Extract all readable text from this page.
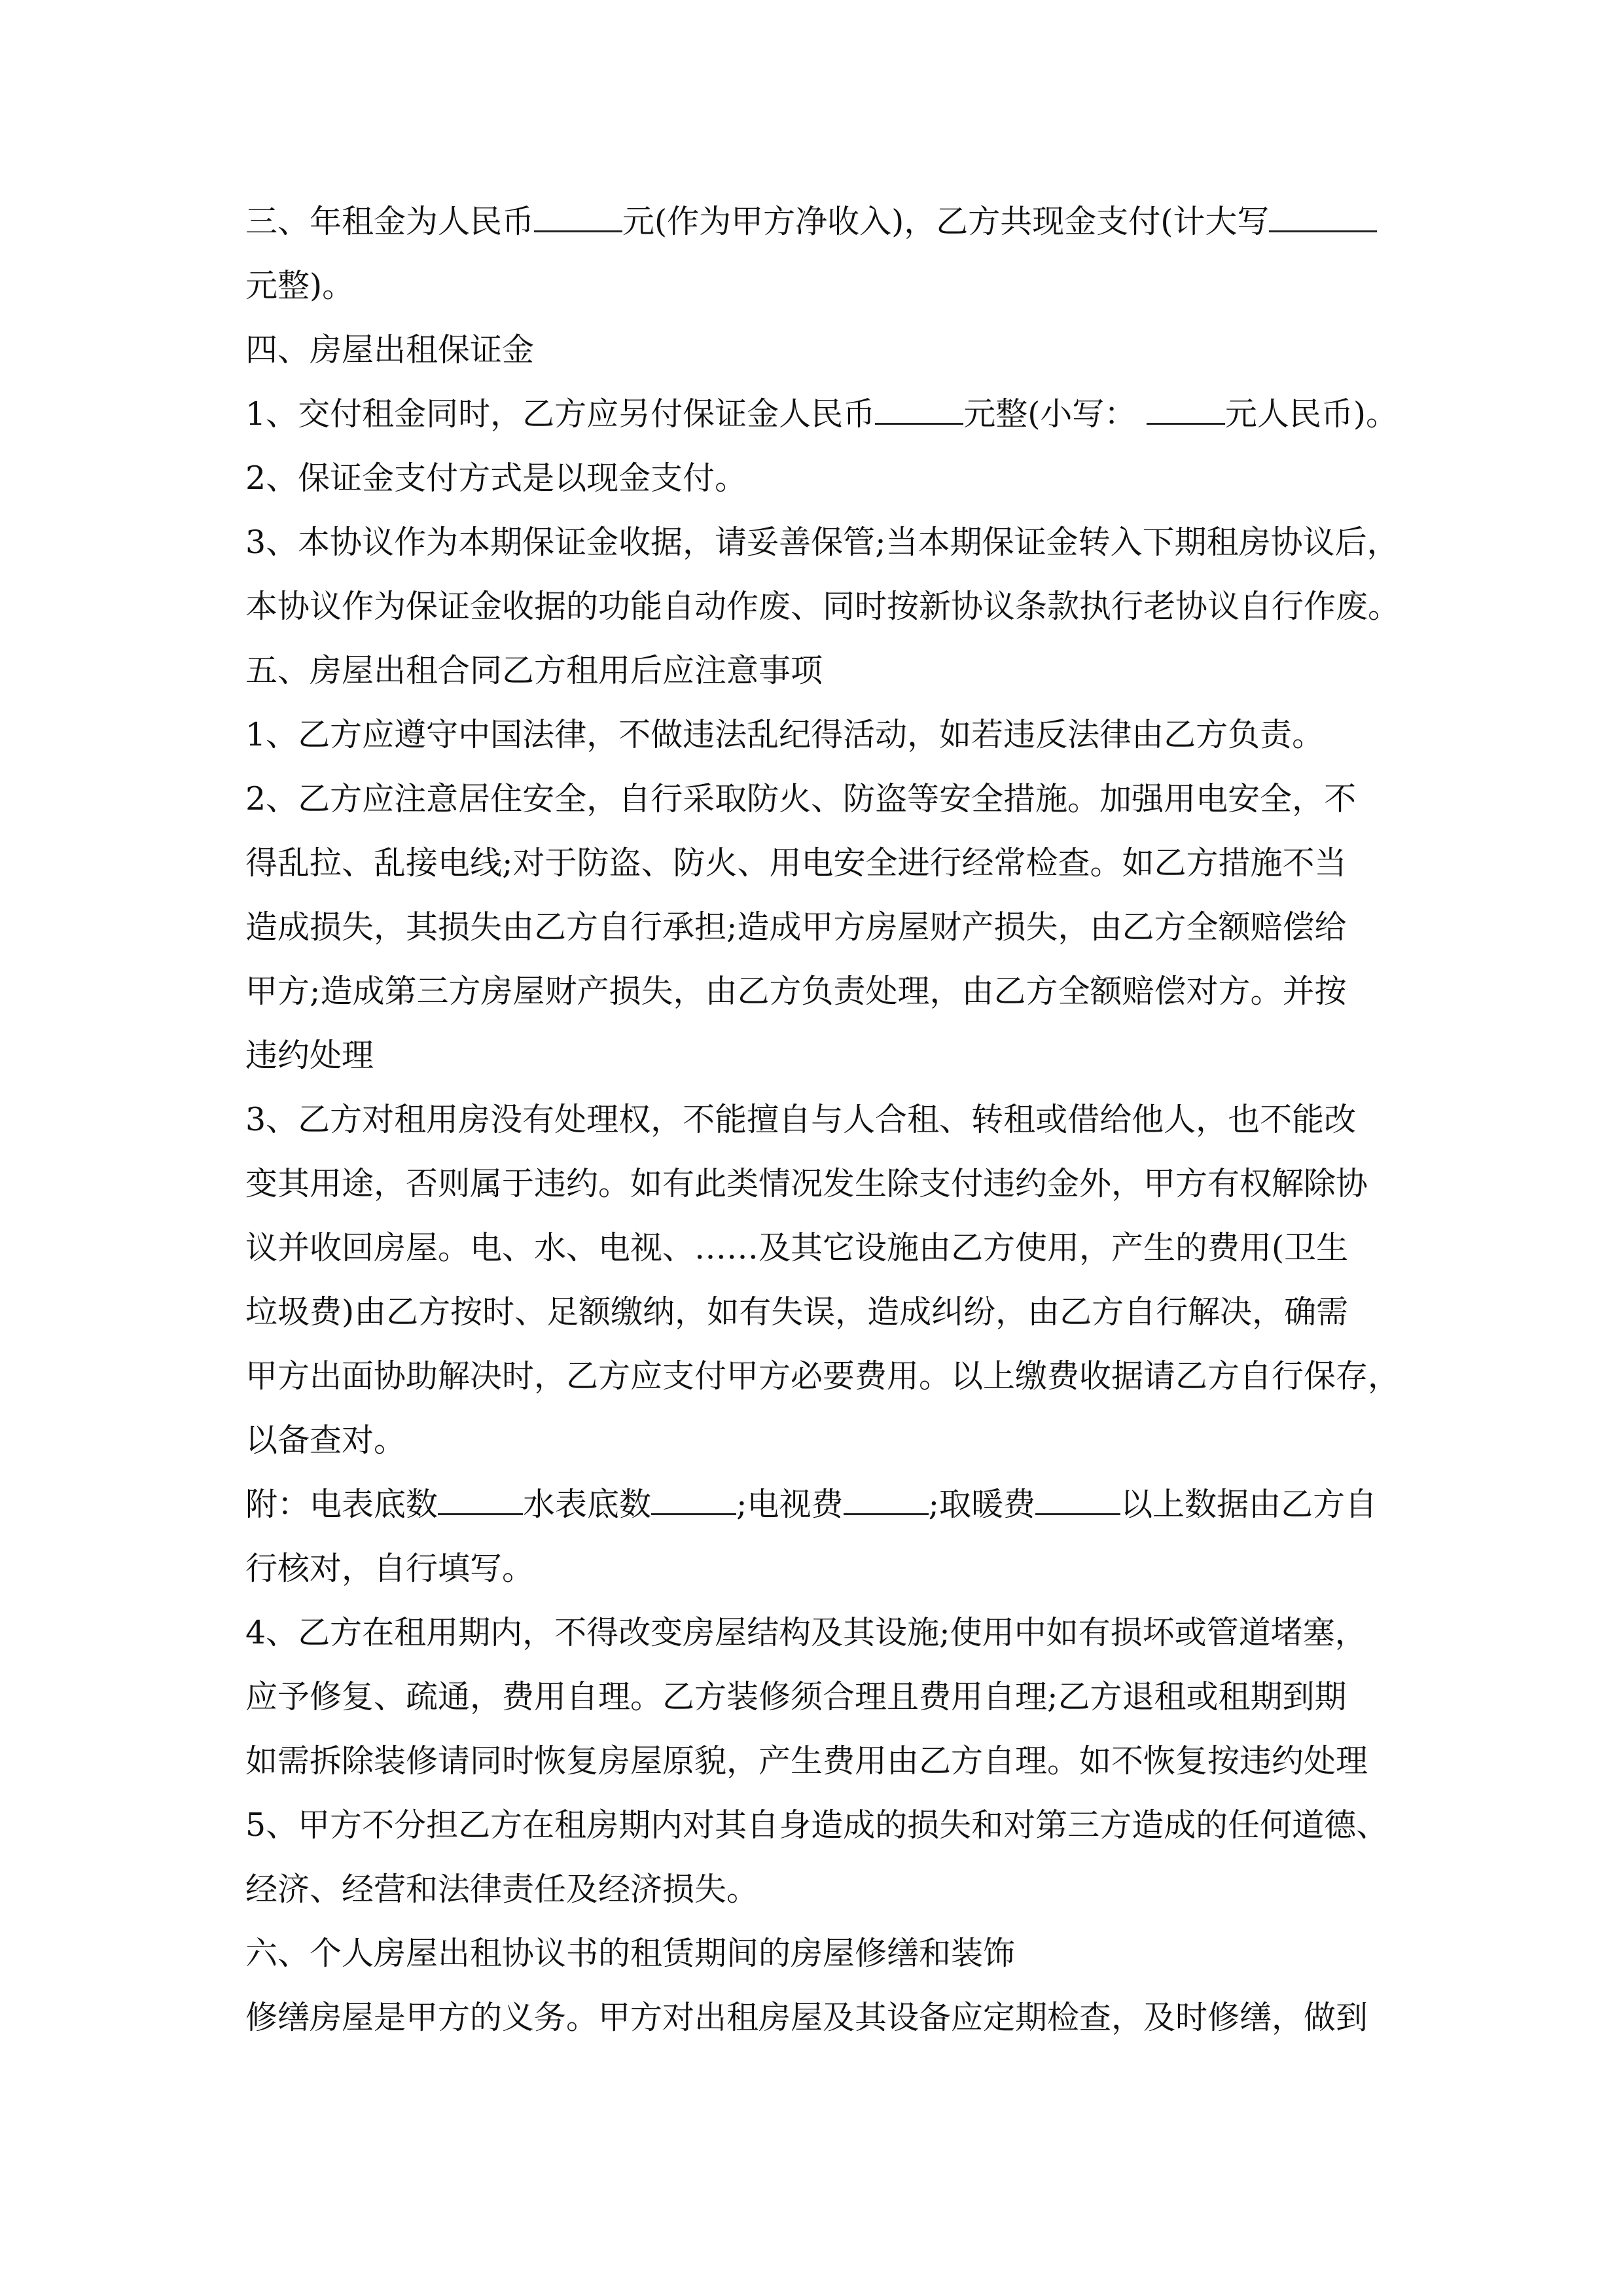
三、年租金为人民币	元(作为甲方净收入)，乙方共现金支付(计大写
元整)。
四、房屋出租保证金
1、交付租金同时，乙方应另付保证金人民币	元整(小写：	元人民币)。
2、保证金支付方式是以现金支付。
3、本协议作为本期保证金收据，请妥善保管;当本期保证金转入下期租房协议后，
本协议作为保证金收据的功能自动作废、同时按新协议条款执行老协议自行作废。
五、房屋出租合同乙方租用后应注意事项
1、乙方应遵守中国法律，不做违法乱纪得活动，如若违反法律由乙方负责。
2、乙方应注意居住安全，自行采取防火、防盗等安全措施。加强用电安全，不
得乱拉、乱接电线;对于防盗、防火、用电安全进行经常检查。如乙方措施不当
造成损失，其损失由乙方自行承担;造成甲方房屋财产损失，由乙方全额赔偿给
甲方;造成第三方房屋财产损失，由乙方负责处理，由乙方全额赔偿对方。并按
违约处理
3、乙方对租用房没有处理权，不能擅自与人合租、转租或借给他人，也不能改
变其用途，否则属于违约。如有此类情况发生除支付违约金外，甲方有权解除协
议并收回房屋。电、水、电视、……及其它设施由乙方使用，产生的费用(卫生
垃圾费)由乙方按时、足额缴纳，如有失误，造成纠纷，由乙方自行解决，确需
甲方出面协助解决时，乙方应支付甲方必要费用。以上缴费收据请乙方自行保存，
以备查对。
附：电表底数	水表底数	;电视费	;取暖费	以上数据由乙方自
行核对，自行填写。
4、乙方在租用期内，不得改变房屋结构及其设施;使用中如有损坏或管道堵塞，
应予修复、疏通，费用自理。乙方装修须合理且费用自理;乙方退租或租期到期
如需拆除装修请同时恢复房屋原貌，产生费用由乙方自理。如不恢复按违约处理
5、甲方不分担乙方在租房期内对其自身造成的损失和对第三方造成的任何道德、
经济、经营和法律责任及经济损失。
六、个人房屋出租协议书的租赁期间的房屋修缮和装饰
修缮房屋是甲方的义务。甲方对出租房屋及其设备应定期检查，及时修缮，做到
